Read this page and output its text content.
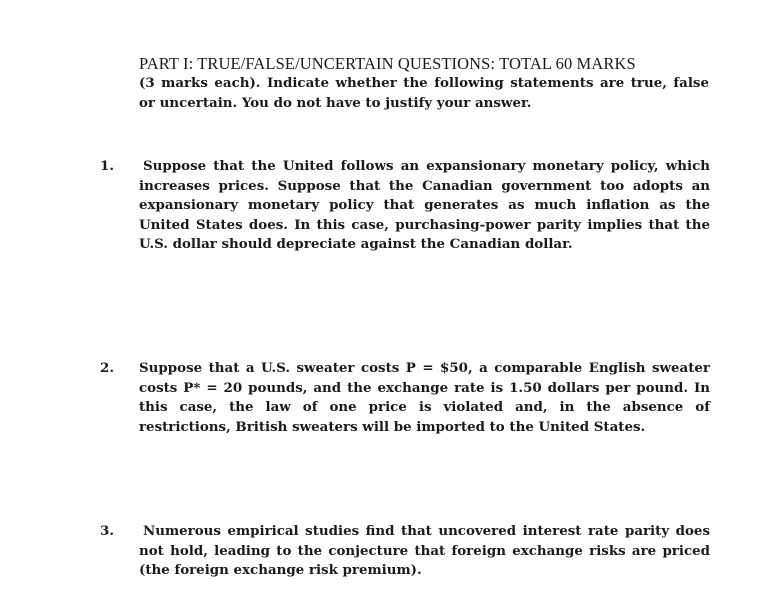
PART I: TRUE/FALSE/UNCERTAIN QUESTIONS: TOTAL 60 MARKS
(3 marks each). Indicate whether the following statements are true, false or uncertain. You do not have to justify your answer.
1. Suppose that the United follows an expansionary monetary policy, which increases prices. Suppose that the Canadian government too adopts an expansionary monetary policy that generates as much inflation as the United States does. In this case, purchasing-power parity implies that the U.S. dollar should depreciate against the Canadian dollar.
2. Suppose that a U.S. sweater costs P = $50, a comparable English sweater costs P* = 20 pounds, and the exchange rate is 1.50 dollars per pound. In this case, the law of one price is violated and, in the absence of restrictions, British sweaters will be imported to the United States.
3. Numerous empirical studies find that uncovered interest rate parity does not hold, leading to the conjecture that foreign exchange risks are priced (the foreign exchange risk premium).
